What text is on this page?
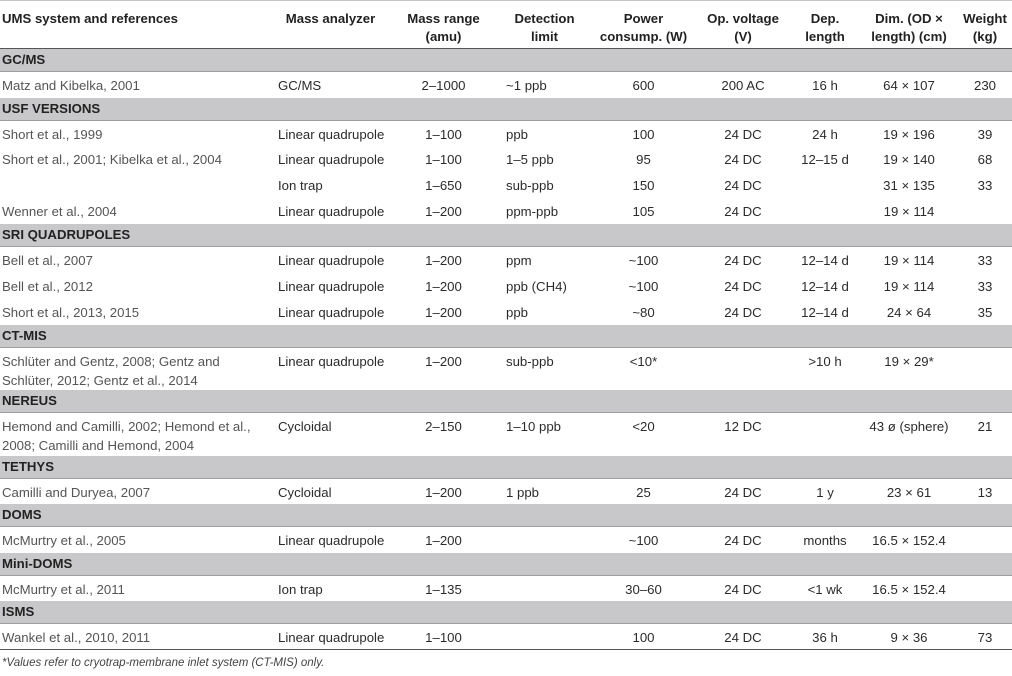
UMS system and references	Mass analyzer	Mass range (amu)	Detection limit	Power consump. (W)	Op. voltage (V)	Dep. length	Dim. (OD × length) (cm)	Weight (kg)
GC/MS								
Matz and Kibelka, 2001	GC/MS	2–1000	~1 ppb	600	200 AC	16 h	64 × 107	230
USF VERSIONS								
Short et al., 1999	Linear quadrupole	1–100	ppb	100	24 DC	24 h	19 × 196	39
Short et al., 2001; Kibelka et al., 2004	Linear quadrupole	1–100	1–5 ppb	95	24 DC	12–15 d	19 × 140	68
	Ion trap	1–650	sub-ppb	150	24 DC		31 × 135	33
Wenner et al., 2004	Linear quadrupole	1–200	ppm-ppb	105	24 DC		19 × 114	
SRI QUADRUPOLES								
Bell et al., 2007	Linear quadrupole	1–200	ppm	~100	24 DC	12–14 d	19 × 114	33
Bell et al., 2012	Linear quadrupole	1–200	ppb (CH4)	~100	24 DC	12–14 d	19 × 114	33
Short et al., 2013, 2015	Linear quadrupole	1–200	ppb	~80	24 DC	12–14 d	24 × 64	35
CT-MIS								
Schlüter and Gentz, 2008; Gentz and Schlüter, 2012; Gentz et al., 2014	Linear quadrupole	1–200	sub-ppb	<10*		>10 h	19 × 29*	
NEREUS								
Hemond and Camilli, 2002; Hemond et al., 2008; Camilli and Hemond, 2004	Cycloidal	2–150	1–10 ppb	<20	12 DC		43 ø (sphere)	21
TETHYS								
Camilli and Duryea, 2007	Cycloidal	1–200	1 ppb	25	24 DC	1 y	23 × 61	13
DOMS								
McMurtry et al., 2005	Linear quadrupole	1–200		~100	24 DC	months	16.5 × 152.4	
Mini-DOMS								
McMurtry et al., 2011	Ion trap	1–135		30–60	24 DC	<1 wk	16.5 × 152.4	
ISMS								
Wankel et al., 2010, 2011	Linear quadrupole	1–100		100	24 DC	36 h	9 × 36	73
*Values refer to cryotrap-membrane inlet system (CT-MIS) only.
